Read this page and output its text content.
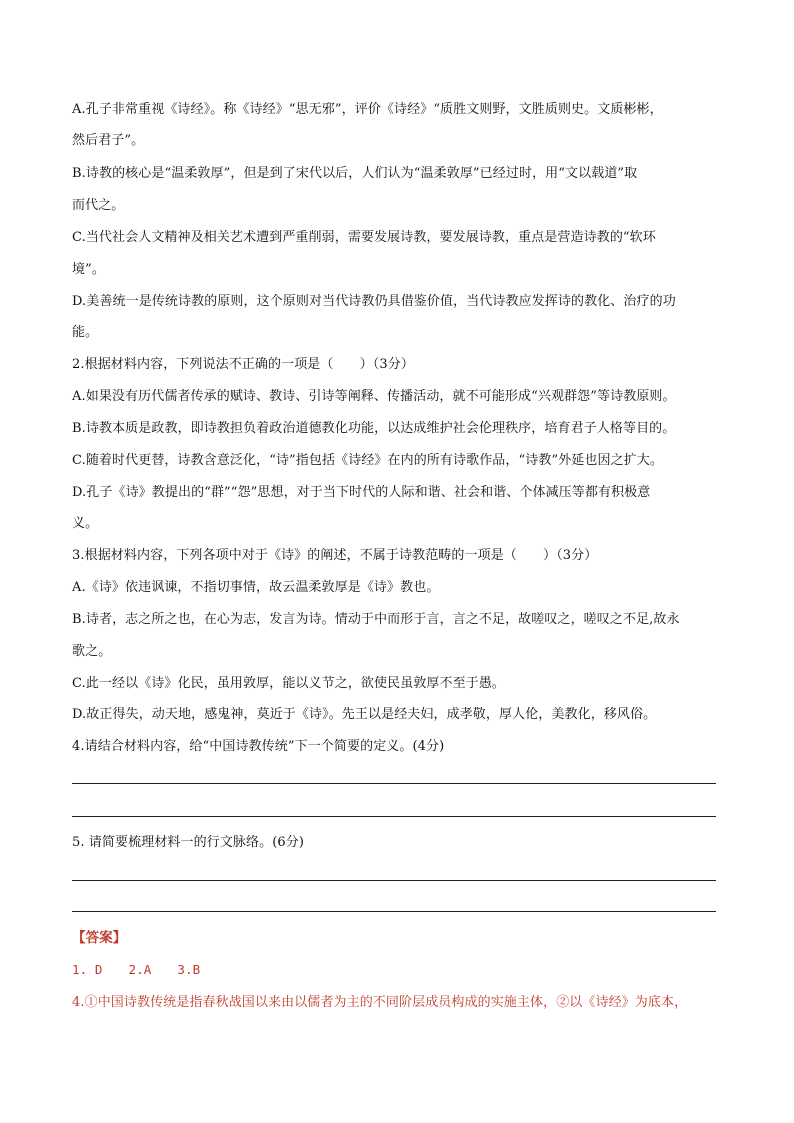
A.孔子非常重视《诗经》。称《诗经》“思无邪”，评价《诗经》“质胜文则野，文胜质则史。文质彬彬，
然后君子”。
B.诗教的核心是“温柔敦厚”，但是到了宋代以后，人们认为“温柔敦厚”已经过时，用“文以载道”取
而代之。
C.当代社会人文精神及相关艺术遭到严重削弱，需要发展诗教，要发展诗教，重点是营造诗教的“软环
境”。
D.美善统一是传统诗教的原则，这个原则对当代诗教仍具借鉴价值，当代诗教应发挥诗的教化、治疗的功
能。
2.根据材料内容，下列说法不正确的一项是（　　）（3分）
A.如果没有历代儒者传承的赋诗、教诗、引诗等阐释、传播活动，就不可能形成“兴观群怨”等诗教原则。
B.诗教本质是政教，即诗教担负着政治道德教化功能，以达成维护社会伦理秩序，培育君子人格等目的。
C.随着时代更替，诗教含意泛化，“诗”指包括《诗经》在内的所有诗歌作品，“诗教”外延也因之扩大。
D.孔子《诗》教提出的“群”“怨”思想，对于当下时代的人际和谐、社会和谐、个体减压等都有积极意
义。
3.根据材料内容，下列各项中对于《诗》的阐述，不属于诗教范畴的一项是（　　）（3分）
A.《诗》依违讽谏，不指切事情，故云温柔敦厚是《诗》教也。
B.诗者，志之所之也，在心为志，发言为诗。情动于中而形于言，言之不足，故嗟叹之，嗟叹之不足,故永
歌之。
C.此一经以《诗》化民，虽用敦厚，能以义节之，欲使民虽敦厚不至于愚。
D.故正得失，动天地，感鬼神，莫近于《诗》。先王以是经夫妇，成孝敬，厚人伦，美教化，移风俗。
4.请结合材料内容，给“中国诗教传统”下一个简要的定义。(4分)
5. 请简要梳理材料一的行文脉络。(6分)
【答案】
1. D 2.A 3.B
4.①中国诗教传统是指春秋战国以来由以儒者为主的不同阶层成员构成的实施主体，②以《诗经》为底本，
